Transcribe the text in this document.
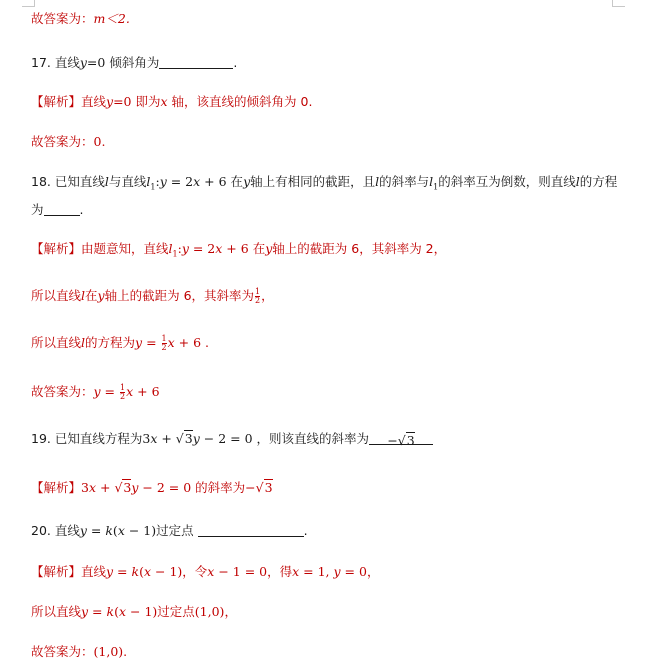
故答案为：m＜2.
17. 直线y=0 倾斜角为	.
【解析】直线y=0 即为x 轴，该直线的倾斜角为 0.
故答案为：0.
18. 已知直线l与直线$l_1:y = 2x + 6$ 在y轴上有相同的截距，且l的斜率与$l_1$的斜率互为倒数，则直线l的方程
为	.
【解析】由题意知，直线$l_1:y = 2x + 6$ 在y轴上的截距为 6，其斜率为 2，
所以直线l在y轴上的截距为 6，其斜率为 $\frac{1}{2}$ ，
所以直线l的方程为$y = \frac{1}{2}$ x + 6 .
故答案为：$y = \frac{1}{2}$ x + 6
19. 已知直线方程为3x + √3y − 2 = 0 ，则该直线的斜率为 −√3
【解析】3x + √3y − 2 = 0 的斜率为−√3
20. 直线y = k(x − 1)过定点	.
【解析】直线y = k(x − 1)，令x − 1 = 0，得x = 1, y = 0，
所以直线y = k(x − 1)过定点(1,0)，
故答案为：(1,0).
